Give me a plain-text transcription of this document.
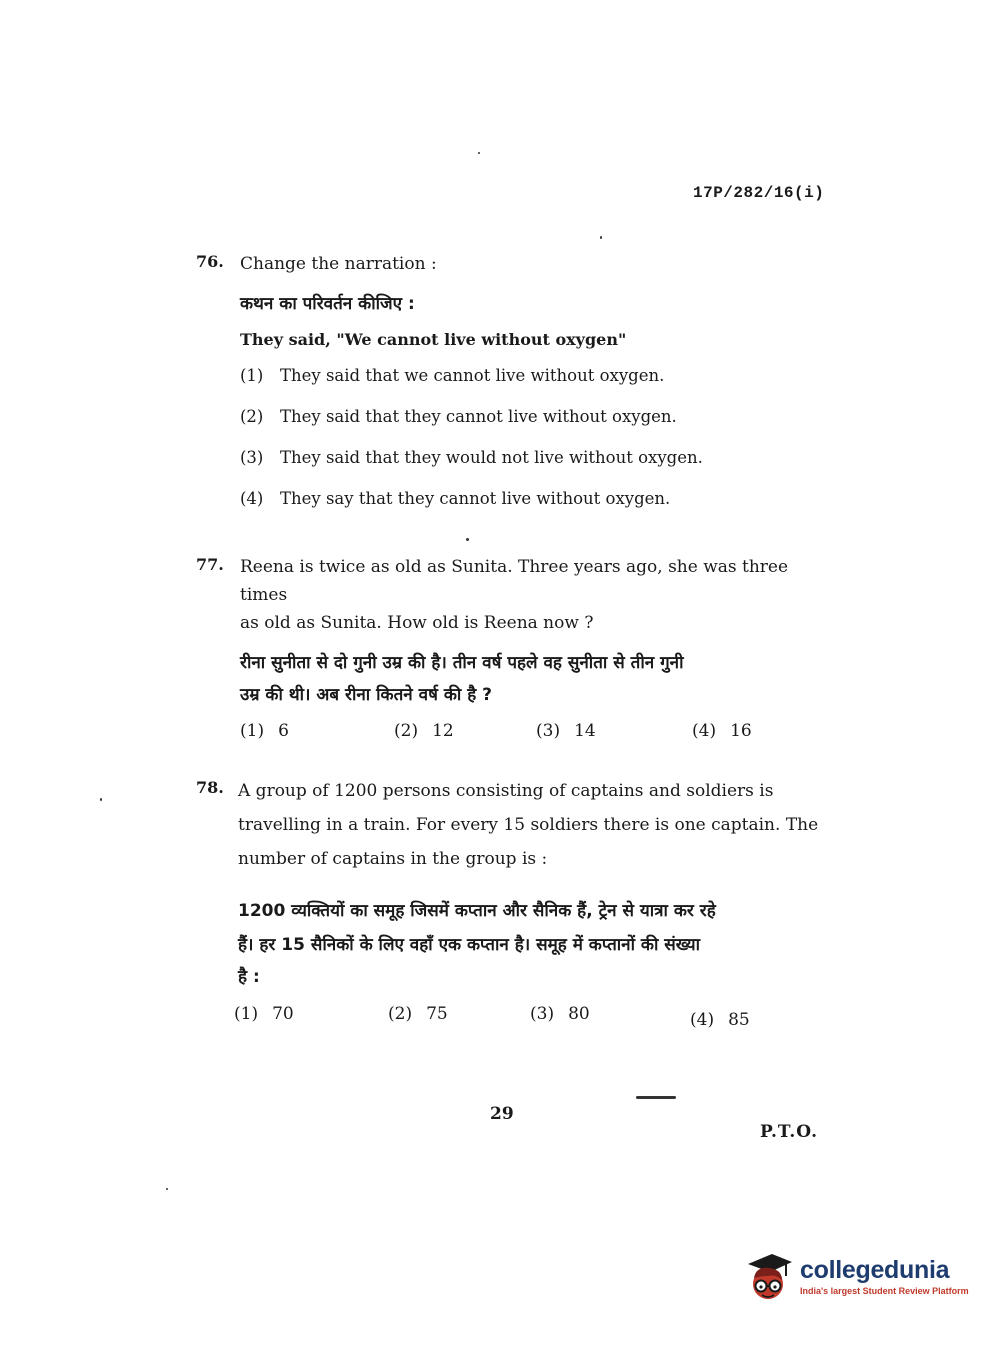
17P/282/16(i)
76. Change the narration :

कथन का परिवर्तन कीजिए :

They said, "We cannot live without oxygen"

(1)	They said that we cannot live without oxygen.

(2)	They said that they cannot live without oxygen.

(3)	They said that they would not live without oxygen.

(4)	They say that they cannot live without oxygen.

77. Reena is twice as old as Sunita. Three years ago, she was three times

as old as Sunita. How old is Reena now ?

रीना सुनीता से दो गुनी उम्र की है। तीन वर्ष पहले वह सुनीता से तीन गुनी

उम्र की थी। अब रीना कितने वर्ष की है ?

(1) 6	(2) 12	(3) 14	(4) 16
78. A group of 1200 persons consisting of captains and soldiers is

travelling in a train. For every 15 soldiers there is one captain. The

number of captains in the group is :

1200 व्यक्तियों का समूह जिसमें कप्तान और सैनिक हैं, ट्रेन से यात्रा कर रहे

हैं। हर 15 सैनिकों के लिए वहाँ एक कप्तान है। समूह में कप्तानों की संख्या

है :

(1) 70	(2) 75	(3) 80	(4) 85
29
P.T.O.
collegedunia
India's largest Student Review Platform
